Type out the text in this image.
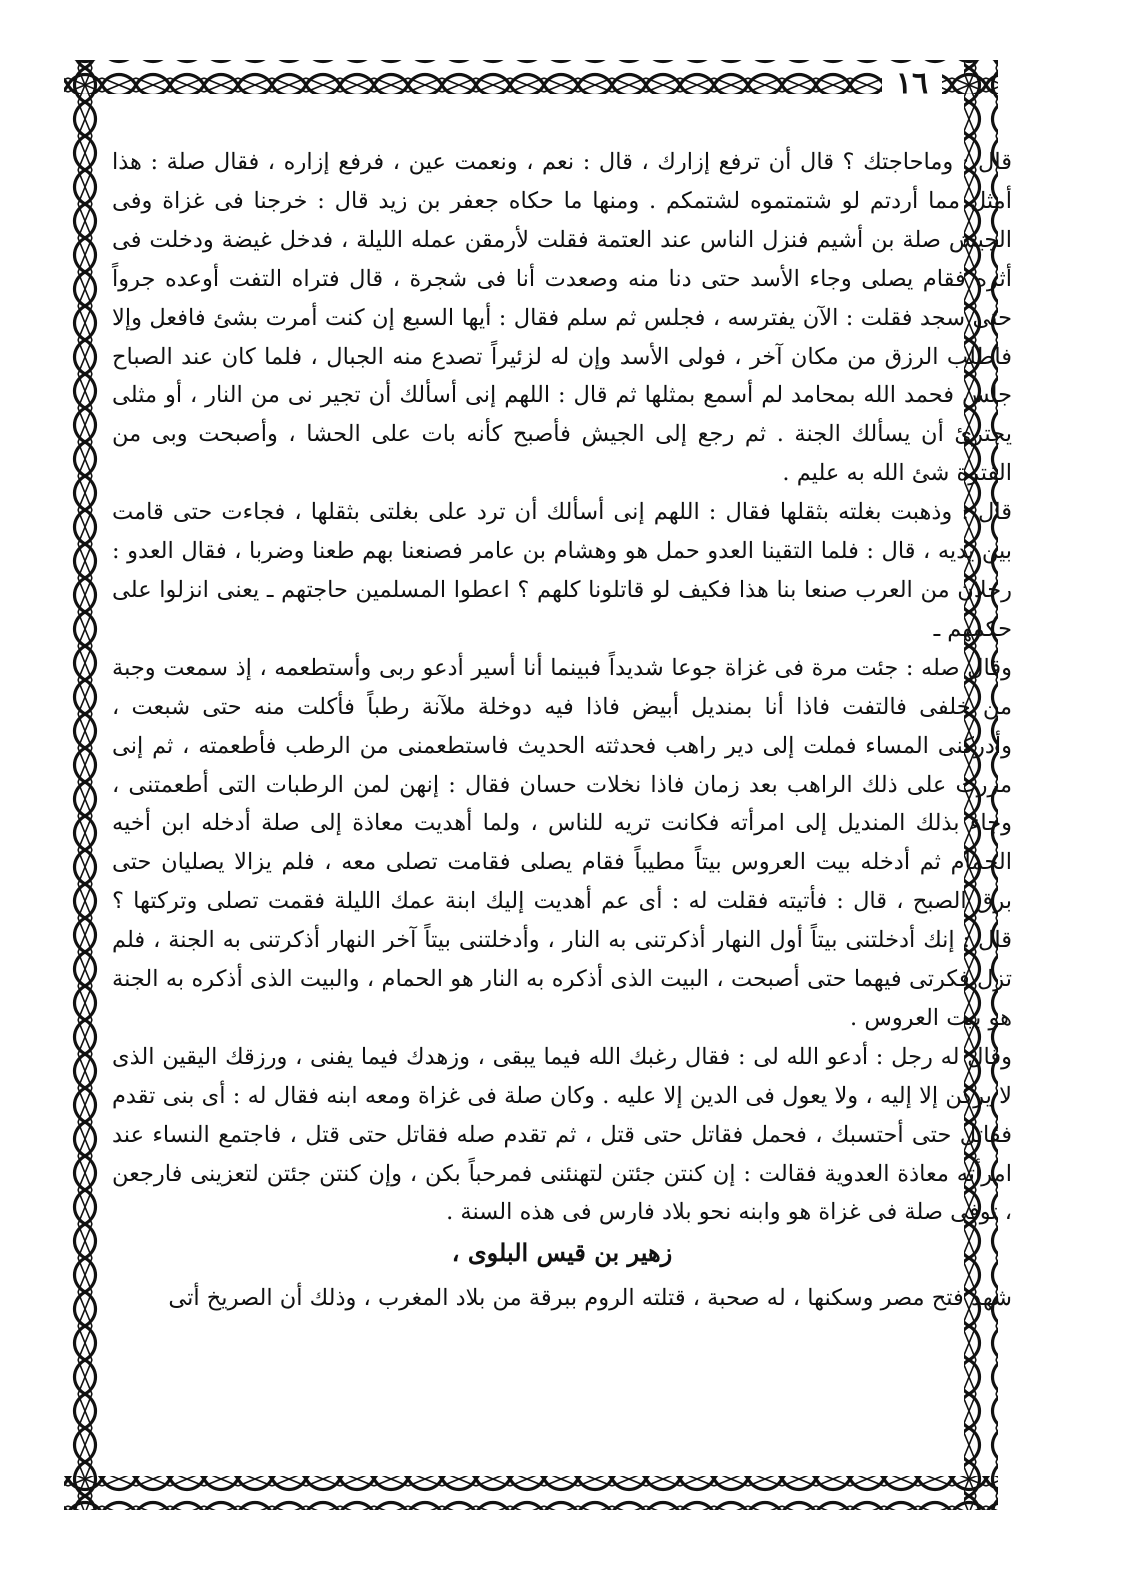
١٦

قال : وماحاجتك ؟ قال أن ترفع إزارك ، قال : نعم ، ونعمت عين ، فرفع إزاره ، فقال صلة : هذا أمثل مما أردتم لو شتمتموه لشتمكم . ومنها ما حكاه جعفر بن زيد قال : خرجنا فى غزاة وفى الجيش صلة بن أشيم فنزل الناس عند العتمة فقلت لأرمقن عمله الليلة ، فدخل غيضة ودخلت فى أثره فقام يصلى وجاء الأسد حتى دنا منه وصعدت أنا فى شجرة ، قال فتراه التفت أوعده جرواً حتى سجد فقلت : الآن يفترسه ، فجلس ثم سلم فقال : أيها السبع إن كنت أمرت بشئ فافعل وإلا فاطلب الرزق من مكان آخر ، فولى الأسد وإن له لزئيراً تصدع منه الجبال ، فلما كان عند الصباح جلس فحمد الله بمحامد لم أسمع بمثلها ثم قال : اللهم إنى أسألك أن تجير نى من النار ، أو مثلى يجترئ أن يسألك الجنة . ثم رجع إلى الجيش فأصبح كأنه بات على الحشا ، وأصبحت وبى من الفترة شئ الله به عليم .

قال : وذهبت بغلته بثقلها فقال : اللهم إنى أسألك أن ترد على بغلتى بثقلها ، فجاءت حتى قامت بين يديه ، قال : فلما التقينا العدو حمل هو وهشام بن عامر فصنعنا بهم طعنا وضربا ، فقال العدو : رجلان من العرب صنعا بنا هذا فكيف لو قاتلونا كلهم ؟ اعطوا المسلمين حاجتهم ـ يعنى انزلوا على حكمهم ـ

وقال صله : جئت مرة فى غزاة جوعا شديداً فبينما أنا أسير أدعو ربى وأستطعمه ، إذ سمعت وجبة من خلفى فالتفت فاذا أنا بمنديل أبيض فاذا فيه دوخلة ملآنة رطباً فأكلت منه حتى شبعت ، وأدركنى المساء فملت إلى دير راهب فحدثته الحديث فاستطعمنى من الرطب فأطعمته ، ثم إنى مررت على ذلك الراهب بعد زمان فاذا نخلات حسان فقال : إنهن لمن الرطبات التى أطعمتنى ، وجاء بذلك المنديل إلى امرأته فكانت تريه للناس ، ولما أهديت معاذة إلى صلة أدخله ابن أخيه الحمام ثم أدخله بيت العروس بيتاً مطيباً فقام يصلى فقامت تصلى معه ، فلم يزالا يصليان حتى برق الصبح ، قال : فأتيته فقلت له : أى عم أهديت إليك ابنة عمك الليلة فقمت تصلى وتركتها ؟ قال : إنك أدخلتنى بيتاً أول النهار أذكرتنى به النار ، وأدخلتنى بيتاً آخر النهار أذكرتنى به الجنة ، فلم تزل فكرتى فيهما حتى أصبحت ، البيت الذى أذكره به النار هو الحمام ، والبيت الذى أذكره به الجنة هو بيت العروس .

وقال له رجل : أدعو الله لى : فقال رغبك الله فيما يبقى ، وزهدك فيما يفنى ، ورزقك اليقين الذى لا يركن إلا إليه ، ولا يعول فى الدين إلا عليه . وكان صلة فى غزاة ومعه ابنه فقال له : أى بنى تقدم فقاتل حتى أحتسبك ، فحمل فقاتل حتى قتل ، ثم تقدم صله فقاتل حتى قتل ، فاجتمع النساء عند امرأته معاذة العدوية فقالت : إن كنتن جئتن لتهنئنى فمرحباً بكن ، وإن كنتن جئتن لتعزينى فارجعن ، توفى صلة فى غزاة هو وابنه نحو بلاد فارس فى هذه السنة .

زهير بن قيس البلوى ،

شهد فتح مصر وسكنها ، له صحبة ، قتلته الروم ببرقة من بلاد المغرب ، وذلك أن الصريخ أتى
